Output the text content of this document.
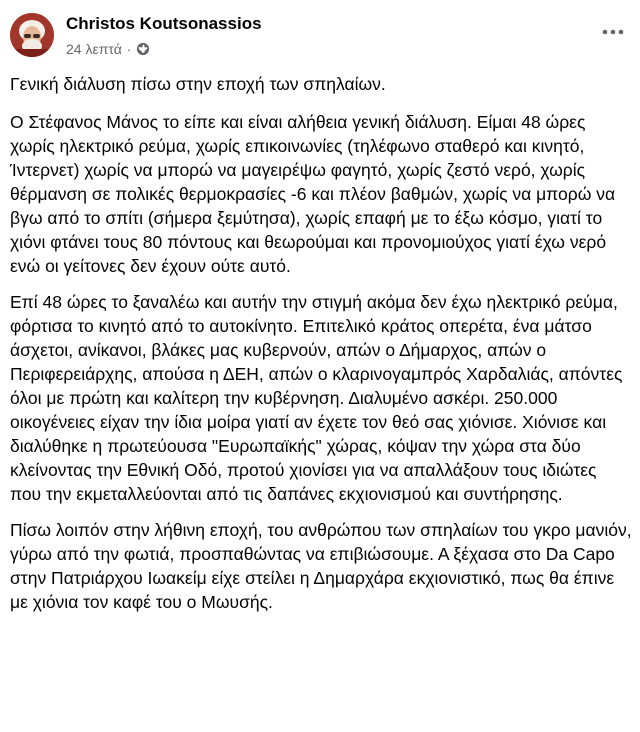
Christos Koutsonassios
24 λεπτά ·

Γενική διάλυση πίσω στην εποχή των σπηλαίων.

Ο Στέφανος Μάνος το είπε και είναι αλήθεια γενική διάλυση. Είμαι 48 ώρες χωρίς ηλεκτρικό ρεύμα, χωρίς επικοινωνίες (τηλέφωνο σταθερό και κινητό, Ίντερνετ) χωρίς να μπορώ να μαγειρέψω φαγητό, χωρίς ζεστό νερό, χωρίς θέρμανση σε πολικές θερμοκρασίες -6 και πλέον βαθμών, χωρίς να μπορώ να βγω από το σπίτι (σήμερα ξεμύτησα), χωρίς επαφή με το έξω κόσμο, γιατί το χιόνι φτάνει τους 80 πόντους και θεωρούμαι και προνομιούχος γιατί έχω νερό ενώ οι γείτονες δεν έχουν ούτε αυτό.

Επί 48 ώρες το ξαναλέω και αυτήν την στιγμή ακόμα δεν έχω ηλεκτρικό ρεύμα, φόρτισα το κινητό από το αυτοκίνητο. Επιτελικό κράτος οπερέτα, ένα μάτσο άσχετοι, ανίκανοι, βλάκες μας κυβερνούν, απών ο Δήμαρχος, απών ο Περιφερειάρχης, απούσα η ΔΕΗ, απών ο κλαρινογαμπρός Χαρδαλιάς, απόντες όλοι με πρώτη και καλίτερη την κυβέρνηση. Διαλυμένο ασκέρι. 250.000 οικογένειες είχαν την ίδια μοίρα γιατί αν έχετε τον θεό σας χιόνισε. Χιόνισε και διαλύθηκε η πρωτεύουσα "Ευρωπαϊκής" χώρας, κόψαν την χώρα στα δύο κλείνοντας την Εθνική Οδό, προτού χιονίσει για να απαλλάξουν τους ιδιώτες που την εκμεταλλεύονται από τις δαπάνες εκχιονισμού και συντήρησης.

Πίσω λοιπόν στην λήθινη εποχή, του ανθρώπου των σπηλαίων του γκρο μανιόν, γύρω από την φωτιά, προσπαθώντας να επιβιώσουμε. Α ξέχασα στο Da Capo στην Πατριάρχου Ιωακείμ είχε στείλει η Δημαρχάρα εκχιονιστικό, πως θα έπινε με χιόνια τον καφέ του ο Μωυσής.
